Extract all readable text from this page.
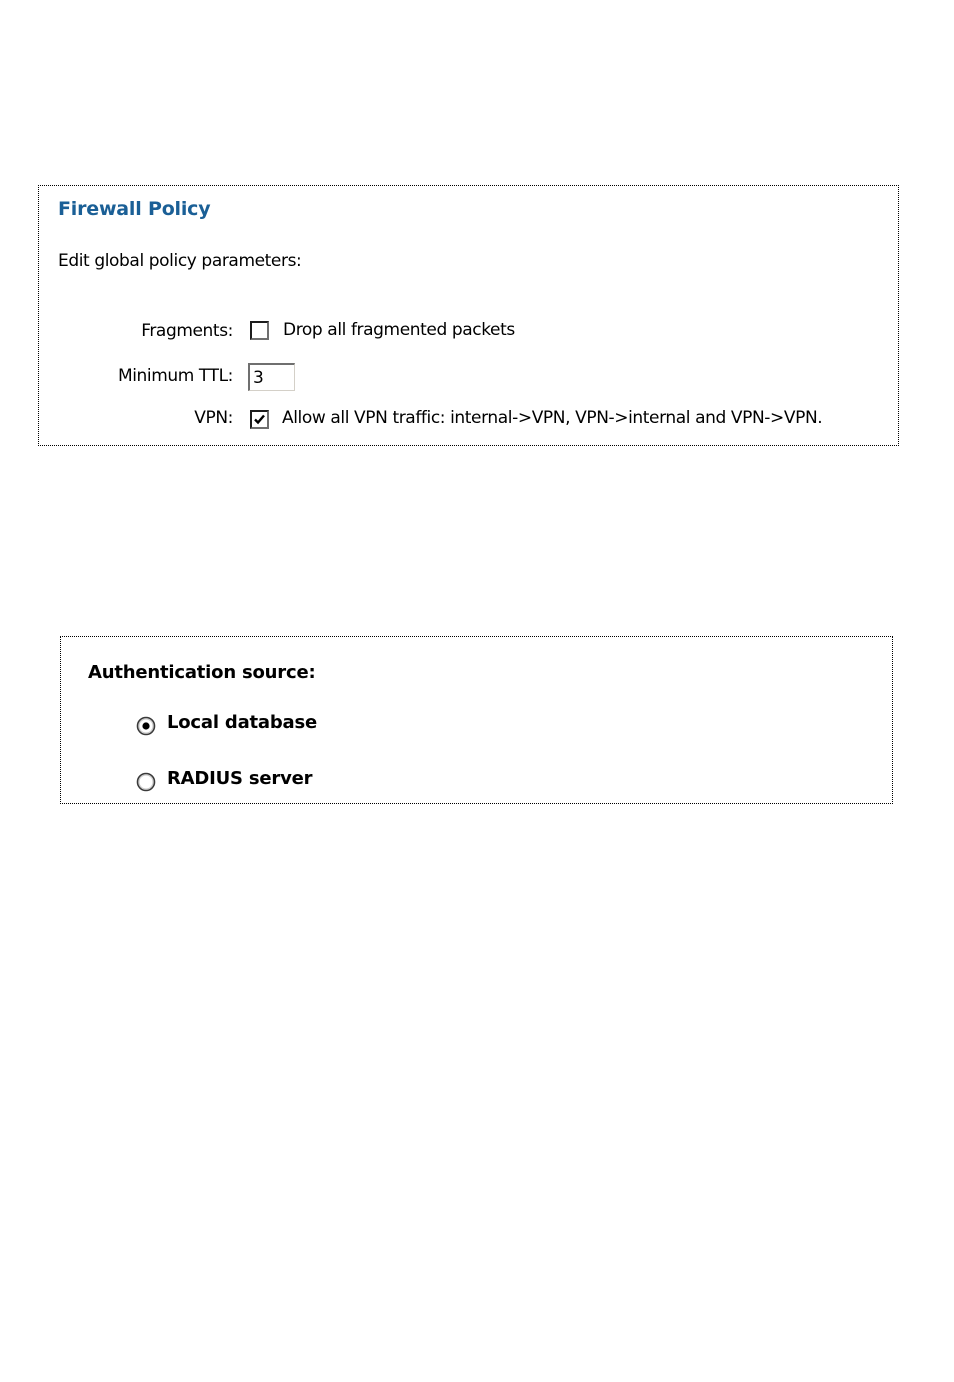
Firewall Policy
Edit global policy parameters:
Fragments:	Drop all fragmented packets
Minimum TTL:
3
VPN:	Allow all VPN traffic: internal->VPN, VPN->internal and VPN->VPN.
Authentication source:
Local database
RADIUS server
